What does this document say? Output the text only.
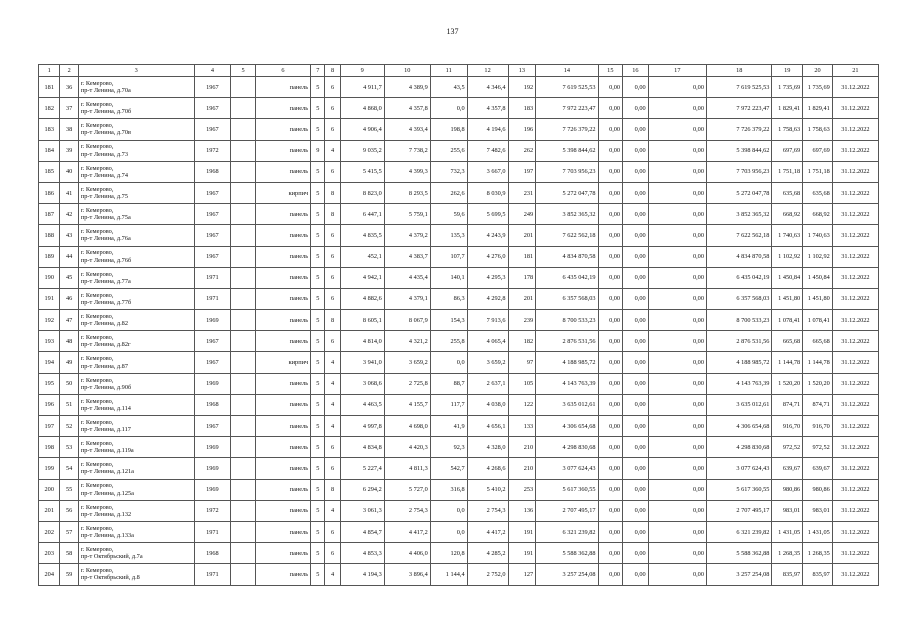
137
1	2	3	4	5	6	7	8	9	10	11	12	13	14	15	16	17	18	19	20	21
181	36	г. Кемерово,
пр-т Ленина, д.70а	1967		панель	5	6	4 911,7	4 389,9	43,5	4 346,4	192	7 619 525,53	0,00	0,00	0,00	7 619 525,53	1 735,69	1 735,69	31.12.2022
182	37	г. Кемерово,
пр-т Ленина, д.70б	1967		панель	5	6	4 868,0	4 357,8	0,0	4 357,8	183	7 972 223,47	0,00	0,00	0,00	7 972 223,47	1 829,41	1 829,41	31.12.2022
183	38	г. Кемерово,
пр-т Ленина, д.70в	1967		панель	5	6	4 906,4	4 393,4	198,8	4 194,6	196	7 726 379,22	0,00	0,00	0,00	7 726 379,22	1 758,63	1 758,63	31.12.2022
184	39	г. Кемерово,
пр-т Ленина, д.73	1972		панель	9	4	9 035,2	7 738,2	255,6	7 482,6	262	5 398 844,62	0,00	0,00	0,00	5 398 844,62	697,69	697,69	31.12.2022
185	40	г. Кемерово,
пр-т Ленина, д.74	1968		панель	5	6	5 415,5	4 399,3	732,3	3 667,0	197	7 703 956,23	0,00	0,00	0,00	7 703 956,23	1 751,18	1 751,18	31.12.2022
186	41	г. Кемерово,
пр-т Ленина, д.75	1967		кирпич	5	8	8 823,0	8 293,5	262,6	8 030,9	231	5 272 047,78	0,00	0,00	0,00	5 272 047,78	635,68	635,68	31.12.2022
187	42	г. Кемерово,
пр-т Ленина, д.75а	1967		панель	5	8	6 447,1	5 759,1	59,6	5 699,5	249	3 852 365,32	0,00	0,00	0,00	3 852 365,32	668,92	668,92	31.12.2022
188	43	г. Кемерово,
пр-т Ленина, д.76а	1967		панель	5	6	4 835,5	4 379,2	135,3	4 243,9	201	7 622 562,18	0,00	0,00	0,00	7 622 562,18	1 740,63	1 740,63	31.12.2022
189	44	г. Кемерово,
пр-т Ленина, д.76б	1967		панель	5	6	452,1	4 383,7	107,7	4 276,0	181	4 834 870,58	0,00	0,00	0,00	4 834 870,58	1 102,92	1 102,92	31.12.2022
190	45	г. Кемерово,
пр-т Ленина, д.77а	1971		панель	5	6	4 942,1	4 435,4	140,1	4 295,3	178	6 435 042,19	0,00	0,00	0,00	6 435 042,19	1 450,84	1 450,84	31.12.2022
191	46	г. Кемерово,
пр-т Ленина, д.77б	1971		панель	5	6	4 882,6	4 379,1	86,3	4 292,8	201	6 357 568,03	0,00	0,00	0,00	6 357 568,03	1 451,80	1 451,80	31.12.2022
192	47	г. Кемерово,
пр-т Ленина, д.82	1969		панель	5	8	8 605,1	8 067,9	154,3	7 913,6	239	8 700 533,23	0,00	0,00	0,00	8 700 533,23	1 078,41	1 078,41	31.12.2022
193	48	г. Кемерово,
пр-т Ленина, д.82г	1967		панель	5	6	4 814,0	4 321,2	255,8	4 065,4	182	2 876 531,56	0,00	0,00	0,00	2 876 531,56	665,68	665,68	31.12.2022
194	49	г. Кемерово,
пр-т Ленина, д.87	1967		кирпич	5	4	3 941,0	3 659,2	0,0	3 659,2	97	4 188 985,72	0,00	0,00	0,00	4 188 985,72	1 144,78	1 144,78	31.12.2022
195	50	г. Кемерово,
пр-т Ленина, д.90б	1969		панель	5	4	3 068,6	2 725,8	88,7	2 637,1	105	4 143 763,39	0,00	0,00	0,00	4 143 763,39	1 520,20	1 520,20	31.12.2022
196	51	г. Кемерово,
пр-т Ленина, д.114	1968		панель	5	4	4 463,5	4 155,7	117,7	4 038,0	122	3 635 012,61	0,00	0,00	0,00	3 635 012,61	874,71	874,71	31.12.2022
197	52	г. Кемерово,
пр-т Ленина, д.117	1967		панель	5	4	4 997,8	4 698,0	41,9	4 656,1	133	4 306 654,68	0,00	0,00	0,00	4 306 654,68	916,70	916,70	31.12.2022
198	53	г. Кемерово,
пр-т Ленина, д.119а	1969		панель	5	6	4 834,8	4 420,3	92,3	4 328,0	210	4 298 830,68	0,00	0,00	0,00	4 298 830,68	972,52	972,52	31.12.2022
199	54	г. Кемерово,
пр-т Ленина, д.121а	1969		панель	5	6	5 227,4	4 811,3	542,7	4 268,6	210	3 077 624,43	0,00	0,00	0,00	3 077 624,43	639,67	639,67	31.12.2022
200	55	г. Кемерово,
пр-т Ленина, д.125а	1969		панель	5	8	6 294,2	5 727,0	316,8	5 410,2	253	5 617 360,55	0,00	0,00	0,00	5 617 360,55	980,86	980,86	31.12.2022
201	56	г. Кемерово,
пр-т Ленина, д.132	1972		панель	5	4	3 061,3	2 754,3	0,0	2 754,3	136	2 707 495,17	0,00	0,00	0,00	2 707 495,17	983,01	983,01	31.12.2022
202	57	г. Кемерово,
пр-т Ленина, д.133а	1971		панель	5	6	4 854,7	4 417,2	0,0	4 417,2	191	6 321 239,82	0,00	0,00	0,00	6 321 239,82	1 431,05	1 431,05	31.12.2022
203	58	г. Кемерово,
пр-т Октябрьский, д.7а	1968		панель	5	6	4 853,3	4 406,0	120,8	4 285,2	191	5 588 362,88	0,00	0,00	0,00	5 588 362,88	1 268,35	1 268,35	31.12.2022
204	59	г. Кемерово,
пр-т Октябрьский, д.8	1971		панель	5	4	4 194,3	3 896,4	1 144,4	2 752,0	127	3 257 254,08	0,00	0,00	0,00	3 257 254,08	835,97	835,97	31.12.2022
